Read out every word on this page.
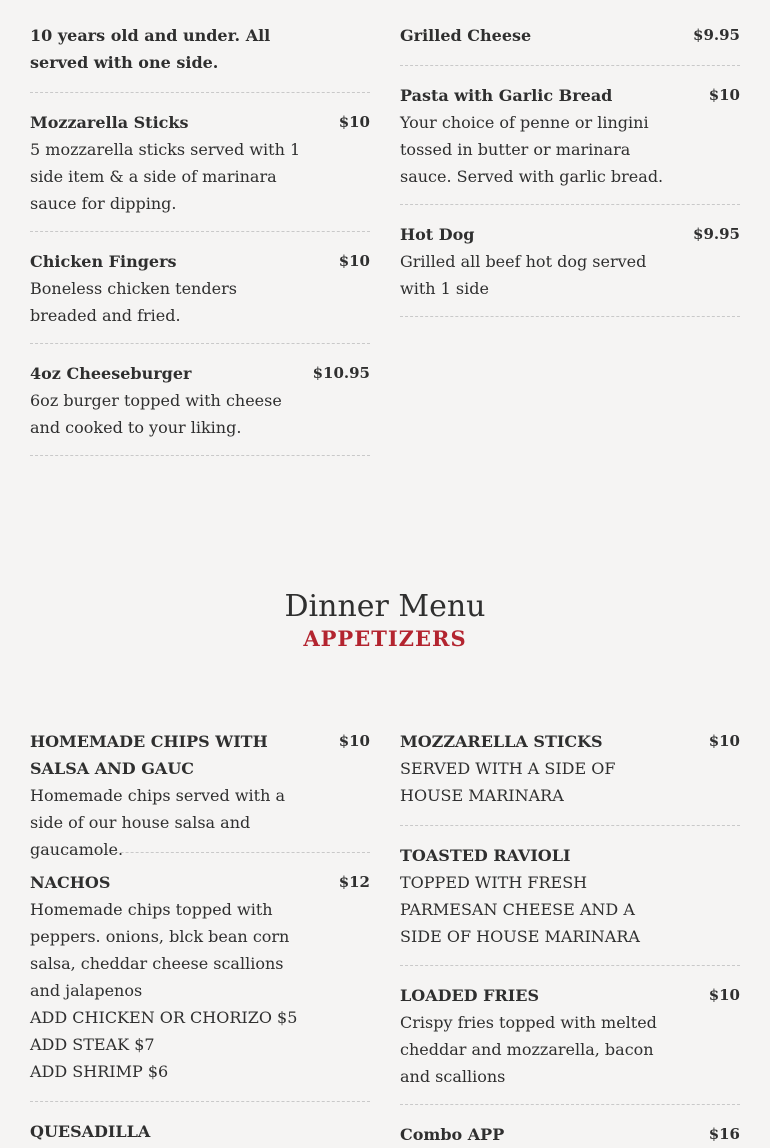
10 years old and under. All served with one side.
Mozzarella Sticks	$10

5 mozzarella sticks served with 1 side item & a side of marinara sauce for dipping.

Chicken Fingers	$10

Boneless chicken tenders breaded and fried.

4oz Cheeseburger	$10.95

6oz burger topped with cheese and cooked to your liking.

Grilled Cheese	$9.95
Pasta with Garlic Bread	$10

Your choice of penne or lingini tossed in butter or marinara sauce. Served with garlic bread.

Hot Dog	$9.95

Grilled all beef hot dog served with 1 side

Dinner Menu
APPETIZERS
HOMEMADE CHIPS WITH SALSA AND GAUC
$10

Homemade chips served with a side of our house salsa and gaucamole.

NACHOS	$12

Homemade chips topped with peppers. onions, blck bean corn salsa, cheddar cheese scallions and jalapenos
ADD CHICKEN OR CHORIZO $5
ADD STEAK $7
ADD SHRIMP $6

QUESADILLA
MOZZARELLA STICKS	$10

SERVED WITH A SIDE OF HOUSE MARINARA

TOASTED RAVIOLI

TOPPED WITH FRESH PARMESAN CHEESE AND A SIDE OF HOUSE MARINARA

LOADED FRIES	$10

Crispy fries topped with melted cheddar and mozzarella, bacon and scallions

Combo APP	$16
